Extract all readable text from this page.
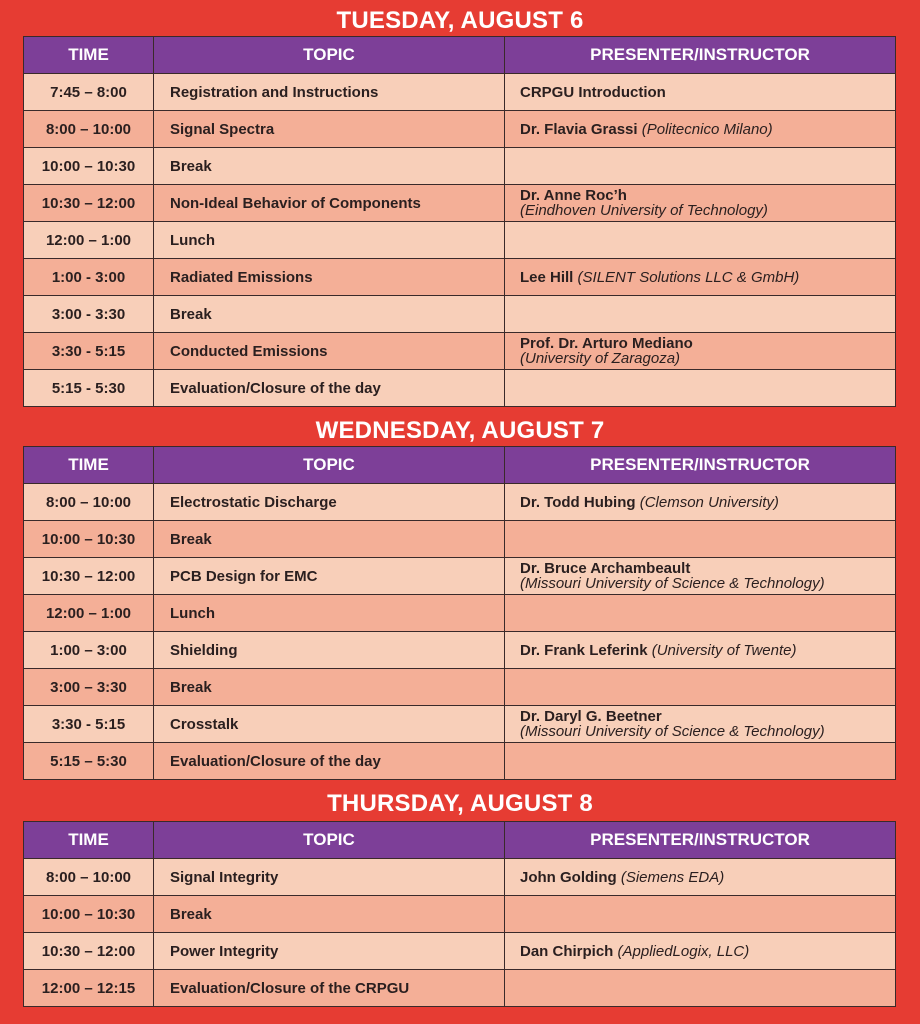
TUESDAY, AUGUST 6
TIME	TOPIC	PRESENTER/INSTRUCTOR
7:45 – 8:00	Registration and Instructions	CRPGU Introduction
8:00 – 10:00	Signal Spectra	Dr. Flavia Grassi (Politecnico Milano)
10:00 – 10:30	Break	
10:30 – 12:00	Non-Ideal Behavior of Components	Dr. Anne Roc’h
(Eindhoven University of Technology)

12:00 – 1:00	Lunch	
1:00 - 3:00	Radiated Emissions	Lee Hill (SILENT Solutions LLC & GmbH)
3:00 - 3:30	Break	
3:30 - 5:15	Conducted Emissions	Prof. Dr. Arturo Mediano
(University of Zaragoza)

5:15 - 5:30	Evaluation/Closure of the day	
WEDNESDAY, AUGUST 7
TIME	TOPIC	PRESENTER/INSTRUCTOR
8:00 – 10:00	Electrostatic Discharge	Dr. Todd Hubing (Clemson University)
10:00 – 10:30	Break	
10:30 – 12:00	PCB Design for EMC	Dr. Bruce Archambeault
(Missouri University of Science & Technology)

12:00 – 1:00	Lunch	
1:00 – 3:00	Shielding	Dr. Frank Leferink (University of Twente)
3:00 – 3:30	Break	
3:30 - 5:15	Crosstalk	Dr. Daryl G. Beetner
(Missouri University of Science & Technology)

5:15 – 5:30	Evaluation/Closure of the day	
THURSDAY, AUGUST 8
TIME	TOPIC	PRESENTER/INSTRUCTOR
8:00 – 10:00	Signal Integrity	John Golding (Siemens EDA)
10:00 – 10:30	Break	
10:30 – 12:00	Power Integrity	Dan Chirpich (AppliedLogix, LLC)
12:00 – 12:15	Evaluation/Closure of the CRPGU	
